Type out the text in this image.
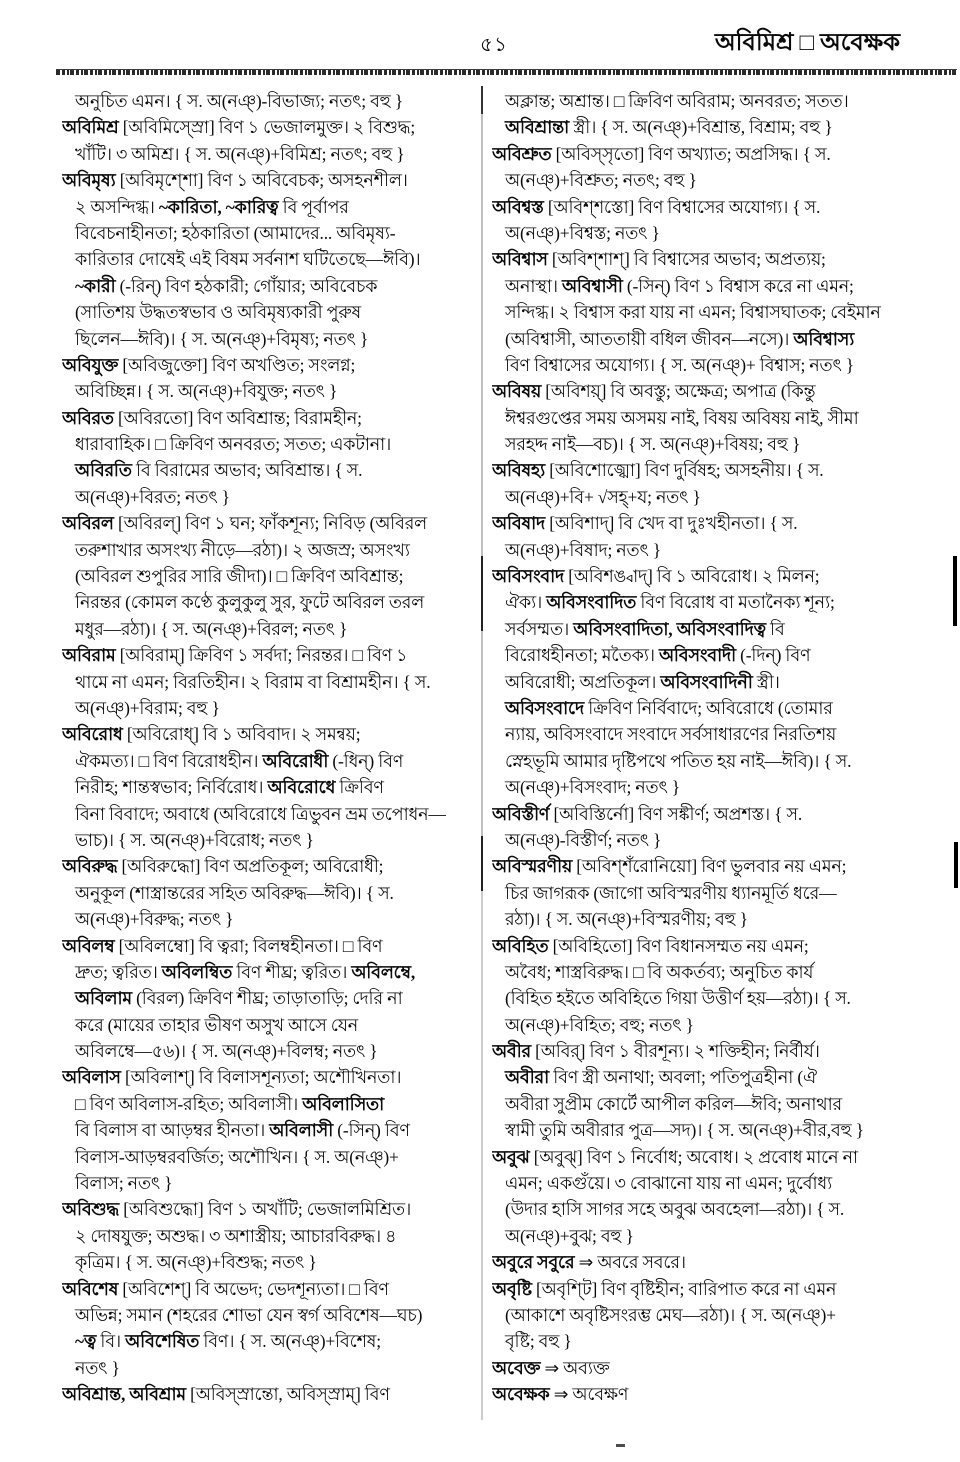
৫১	অবিমিশ্র □ অবেক্ষক
অনুচিত এমন। { স. অ(নঞ্)-বিভাজ্য; নতৎ; বহু }
অবিমিশ্র [অবিমিস্স্রো] বিণ ১ ভেজালমুক্ত। ২ বিশুদ্ধ;
খাঁটি। ৩ অমিশ্র। { স. অ(নঞ্)+বিমিশ্র; নতৎ; বহু }
অবিমৃষ্য [অবিমৃশ্শো] বিণ ১ অবিবেচক; অসহনশীল।
২ অসন্দিগ্ধ। ~কারিতা, ~কারিত্ব বি পূর্বাপর
বিবেচনাহীনতা; হঠকারিতা (আমাদের... অবিমৃষ্য-
কারিতার দোষেই এই বিষম সর্বনাশ ঘটিতেছে—ঈবি)।
~কারী (-রিন্) বিণ হঠকারী; গোঁয়ার; অবিবেচক
(সাতিশয় উদ্ধতস্বভাব ও অবিমৃষ্যকারী পুরুষ
ছিলেন—ঈবি)। { স. অ(নঞ্)+বিমৃষ্য; নতৎ }
অবিযুক্ত [অবিজুক্তো] বিণ অখণ্ডিত; সংলগ্ন;
অবিচ্ছিন্ন। { স. অ(নঞ্)+বিযুক্ত; নতৎ }
অবিরত [অবিরতো] বিণ অবিশ্রান্ত; বিরামহীন;
ধারাবাহিক। □ ক্রিবিণ অনবরত; সতত; একটানা।
অবিরতি বি বিরামের অভাব; অবিশ্রান্ত। { স.
অ(নঞ্)+বিরত; নতৎ }
অবিরল [অবিরল্] বিণ ১ ঘন; ফাঁকশূন্য; নিবিড় (অবিরল
তরুশাখার অসংখ্য নীড়ে—রঠা)। ২ অজস্র; অসংখ্য
(অবিরল শুপুরির সারি জীদা)। □ ক্রিবিণ অবিশ্রান্ত;
নিরন্তর (কোমল কণ্ঠে কুলুকুলু সুর, ফুটে অবিরল তরল
মধুর—রঠা)। { স. অ(নঞ্)+বিরল; নতৎ }
অবিরাম [অবিরাম্] ক্রিবিণ ১ সর্বদা; নিরন্তর। □ বিণ ১
থামে না এমন; বিরতিহীন। ২ বিরাম বা বিশ্রামহীন। { স.
অ(নঞ্)+বিরাম; বহু }
অবিরোধ [অবিরোধ্] বি ১ অবিবাদ। ২ সমন্বয়;
ঐকমত্য। □ বিণ বিরোধহীন। অবিরোধী (-ধিন্) বিণ
নিরীহ; শান্তস্বভাব; নির্বিরোধ। অবিরোধে ক্রিবিণ
বিনা বিবাদে; অবাধে (অবিরোধে ত্রিভুবন ভ্রম তপোধন—
ভাচ)। { স. অ(নঞ্)+বিরোধ; নতৎ }
অবিরুদ্ধ [অবিরুদ্ধো] বিণ অপ্রতিকূল; অবিরোধী;
অনুকূল (শাস্ত্রান্তরের সহিত অবিরুদ্ধ—ঈবি)। { স.
অ(নঞ্)+বিরুদ্ধ; নতৎ }
অবিলম্ব [অবিলম্বো] বি ত্বরা; বিলম্বহীনতা। □ বিণ
দ্রুত; ত্বরিত। অবিলম্বিত বিণ শীঘ্র; ত্বরিত। অবিলম্বে,
অবিলাম (বিরল) ক্রিবিণ শীঘ্র; তাড়াতাড়ি; দেরি না
করে (মায়ের তাহার ভীষণ অসুখ আসে যেন
অবিলম্বে—৫৬)। { স. অ(নঞ্)+বিলম্ব; নতৎ }
অবিলাস [অবিলাশ্] বি বিলাসশূন্যতা; অশৌখিনতা।
□ বিণ অবিলাস-রহিত; অবিলাসী। অবিলাসিতা
বি বিলাস বা আড়ম্বর হীনতা। অবিলাসী (-সিন্) বিণ
বিলাস-আড়ম্বরবর্জিত; অশৌখিন। { স. অ(নঞ্)+
বিলাস; নতৎ }
অবিশুদ্ধ [অবিশুদ্ধো] বিণ ১ অখাঁটি; ভেজালমিশ্রিত।
২ দোষযুক্ত; অশুদ্ধ। ৩ অশাস্ত্রীয়; আচারবিরুদ্ধ। ৪
কৃত্রিম। { স. অ(নঞ্)+বিশুদ্ধ; নতৎ }
অবিশেষ [অবিশেশ্] বি অভেদ; ভেদশূন্যতা। □ বিণ
অভিন্ন; সমান (শহরের শোভা যেন স্বর্গ অবিশেষ—ঘচ)
~ত্ব বি। অবিশেষিত বিণ। { স. অ(নঞ্)+বিশেষ;
নতৎ }
অবিশ্রান্ত, অবিশ্রাম [অবিস্স্রান্তো, অবিস্স্রাম্] বিণ
অক্লান্ত; অশ্রান্ত। □ ক্রিবিণ অবিরাম; অনবরত; সতত।
অবিশ্রান্তা স্ত্রী। { স. অ(নঞ্)+বিশ্রান্ত, বিশ্রাম; বহু }
অবিশ্রুত [অবিস্সৃতো] বিণ অখ্যাত; অপ্রসিদ্ধ। { স.
অ(নঞ্)+বিশ্রুত; নতৎ; বহু }
অবিশ্বস্ত [অবিশ্শস্তো] বিণ বিশ্বাসের অযোগ্য। { স.
অ(নঞ্)+বিশ্বস্ত; নতৎ }
অবিশ্বাস [অবিশ্শাশ্] বি বিশ্বাসের অভাব; অপ্রত্যয়;
অনাস্থা। অবিশ্বাসী (-সিন্) বিণ ১ বিশ্বাস করে না এমন;
সন্দিগ্ধ। ২ বিশ্বাস করা যায় না এমন; বিশ্বাসঘাতক; বেইমান
(অবিশ্বাসী, আততায়ী বধিল জীবন—নসে)। অবিশ্বাস্য
বিণ বিশ্বাসের অযোগ্য। { স. অ(নঞ্)+ বিশ্বাস; নতৎ }
অবিষয় [অবিশয়্] বি অবস্তু; অক্ষেত্র; অপাত্র (কিন্তু
ঈশ্বরগুপ্তের সময় অসময় নাই, বিষয় অবিষয় নাই, সীমা
সরহদ্দ নাই—বচ)। { স. অ(নঞ্)+বিষয়; বহু }
অবিষহ্য [অবিশোজ্ঝো] বিণ দুর্বিষহ; অসহনীয়। { স.
অ(নঞ্)+বি+ √সহ্+য; নতৎ }
অবিষাদ [অবিশাদ্] বি খেদ বা দুঃখহীনতা। { স.
অ(নঞ্)+বিষাদ; নতৎ }
অবিসংবাদ [অবিশঙ্বাদ্] বি ১ অবিরোধ। ২ মিলন;
ঐক্য। অবিসংবাদিত বিণ বিরোধ বা মতানৈক্য শূন্য;
সর্বসম্মত। অবিসংবাদিতা, অবিসংবাদিত্ব বি
বিরোধহীনতা; মতৈক্য। অবিসংবাদী (-দিন্) বিণ
অবিরোধী; অপ্রতিকূল। অবিসংবাদিনী স্ত্রী।
অবিসংবাদে ক্রিবিণ নির্বিবাদে; অবিরোধে (তোমার
ন্যায়, অবিসংবাদে সংবাদে সর্বসাধারণের নিরতিশয়
স্নেহভূমি আমার দৃষ্টিপথে পতিত হয় নাই—ঈবি)। { স.
অ(নঞ্)+বিসংবাদ; নতৎ }
অবিস্তীর্ণ [অবিস্তির্নো] বিণ সঙ্কীর্ণ; অপ্রশস্ত। { স.
অ(নঞ্)-বিস্তীর্ণ; নতৎ }
অবিস্মরণীয় [অবিশ্শঁরোনিয়ো] বিণ ভুলবার নয় এমন;
চির জাগরূক (জাগো অবিস্মরণীয় ধ্যানমূর্তি ধরে—
রঠা)। { স. অ(নঞ্)+বিস্মরণীয়; বহু }
অবিহিত [অবিহিতো] বিণ বিধানসম্মত নয় এমন;
অবৈধ; শাস্ত্রবিরুদ্ধ। □ বি অকর্তব্য; অনুচিত কার্য
(বিহিত হইতে অবিহিতে গিয়া উত্তীর্ণ হয়—রঠা)। { স.
অ(নঞ্)+বিহিত; বহু; নতৎ }
অবীর [অবির্] বিণ ১ বীরশূন্য। ২ শক্তিহীন; নির্বীর্য।
অবীরা বিণ স্ত্রী অনাথা; অবলা; পতিপুত্রহীনা (ঐ
অবীরা সুপ্রীম কোর্টে আপীল করিল—ঈবি; অনাথার
স্বামী তুমি অবীরার পুত্র—সদ)। { স. অ(নঞ্)+বীর,বহু }
অবুঝ [অবুঝ্] বিণ ১ নির্বোধ; অবোধ। ২ প্রবোধ মানে না
এমন; একগুঁয়ে। ৩ বোঝানো যায় না এমন; দুর্বোধ্য
(উদার হাসি সাগর সহে অবুঝ অবহেলা—রঠা)। { স.
অ(নঞ্)+বুঝ; বহু }
অবুরে সবুরে ⇒ অবরে সবরে।
অবৃষ্টি [অবৃশ্টি] বিণ বৃষ্টিহীন; বারিপাত করে না এমন
(আকাশে অবৃষ্টিসংরম্ভ মেঘ—রঠা)। { স. অ(নঞ্)+
বৃষ্টি; বহু }
অবেক্ত ⇒ অব্যক্ত
অবেক্ষক ⇒ অবেক্ষণ
